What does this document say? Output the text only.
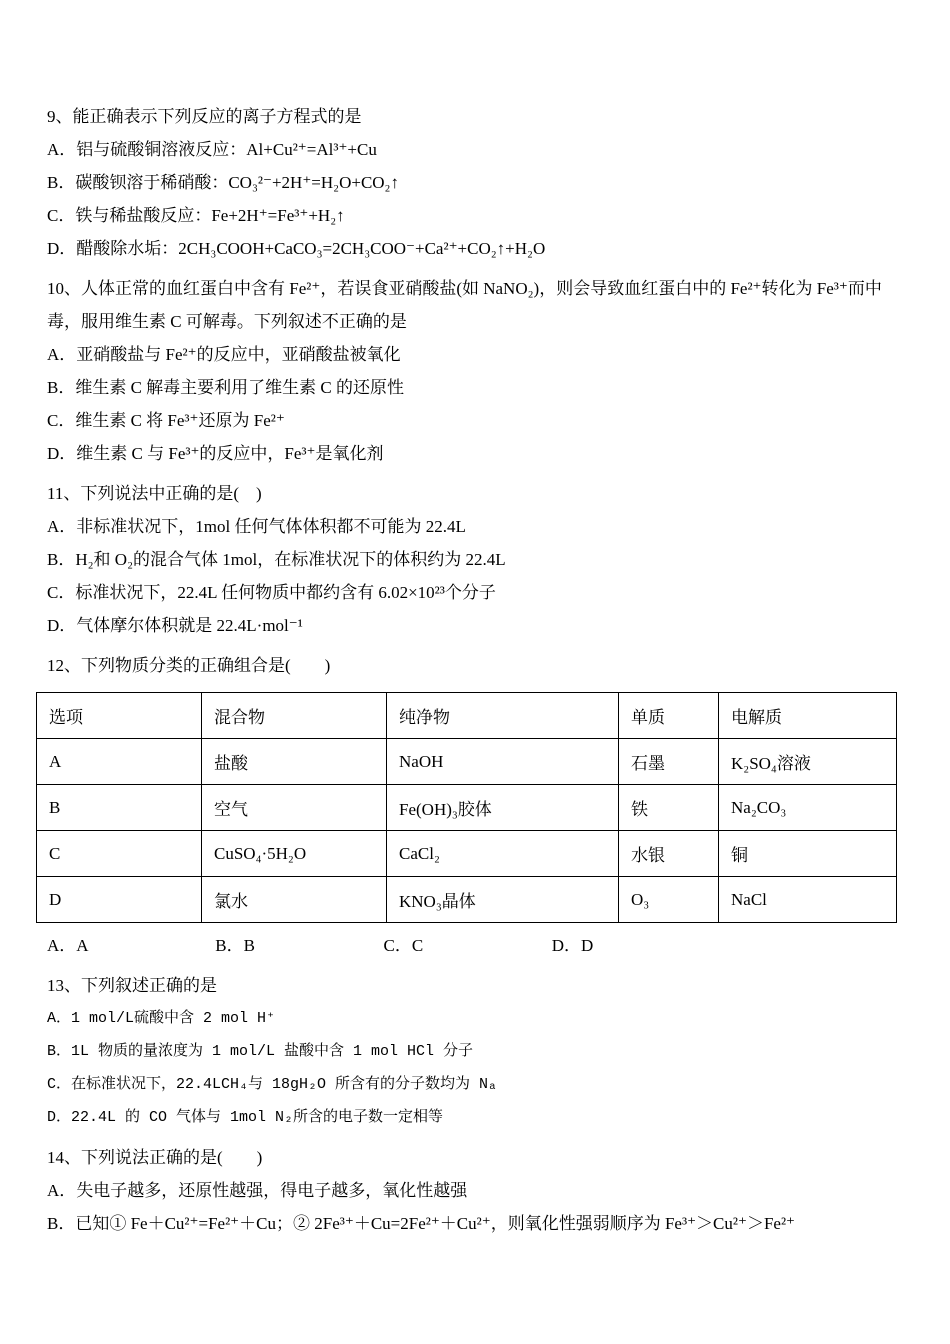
9、能正确表示下列反应的离子方程式的是

A．铝与硫酸铜溶液反应：Al+Cu²⁺=Al³⁺+Cu

B．碳酸钡溶于稀硝酸：CO₃²⁻+2H⁺=H₂O+CO₂↑

C．铁与稀盐酸反应：Fe+2H⁺=Fe³⁺+H₂↑

D．醋酸除水垢：2CH₃COOH+CaCO₃=2CH₃COO⁻+Ca²⁺+CO₂↑+H₂O

10、人体正常的血红蛋白中含有 Fe²⁺，若误食亚硝酸盐(如 NaNO₂)，则会导致血红蛋白中的 Fe²⁺转化为 Fe³⁺而中毒，服用维生素 C 可解毒。下列叙述不正确的是

A．亚硝酸盐与 Fe²⁺的反应中，亚硝酸盐被氧化

B．维生素 C 解毒主要利用了维生素 C 的还原性

C．维生素 C 将 Fe³⁺还原为 Fe²⁺

D．维生素 C 与 Fe³⁺的反应中，Fe³⁺是氧化剂

11、下列说法中正确的是(　)

A．非标准状况下，1mol 任何气体体积都不可能为 22.4L

B．H₂和 O₂的混合气体 1mol，在标准状况下的体积约为 22.4L

C．标准状况下，22.4L 任何物质中都约含有 6.02×10²³个分子

D．气体摩尔体积就是 22.4L·mol⁻¹

12、下列物质分类的正确组合是(　　)

选项	混合物	纯净物	单质	电解质
A	盐酸	NaOH	石墨	K₂SO₄溶液
B	空气	Fe(OH)₃胶体	铁	Na₂CO₃
C	CuSO₄·5H₂O	CaCl₂	水银	铜
D	氯水	KNO₃晶体	O₃	NaCl

A．A	B．B	C．C	D．D

13、下列叙述正确的是

A．1 mol/L硫酸中含 2 mol H⁺

B．1L 物质的量浓度为 1 mol/L 盐酸中含 1 mol HCl 分子

C．在标准状况下，22.4LCH₄与 18gH₂O 所含有的分子数均为 Nₐ

D．22.4L 的 CO 气体与 1mol N₂所含的电子数一定相等

14、下列说法正确的是(　　)

A．失电子越多，还原性越强，得电子越多，氧化性越强

B．已知① Fe＋Cu²⁺=Fe²⁺＋Cu；② 2Fe³⁺＋Cu=2Fe²⁺＋Cu²⁺，则氧化性强弱顺序为 Fe³⁺＞Cu²⁺＞Fe²⁺
